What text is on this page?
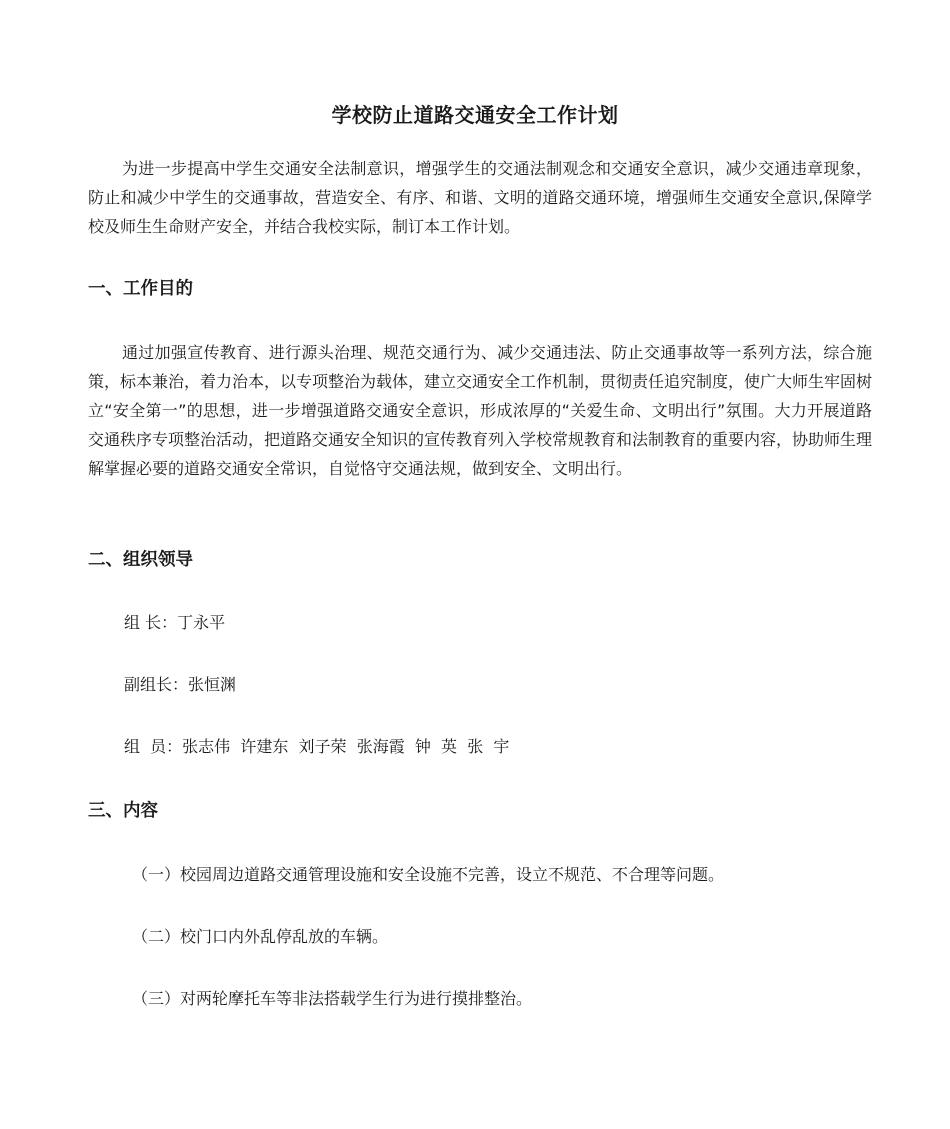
学校防止道路交通安全工作计划

为进一步提高中学生交通安全法制意识，增强学生的交通法制观念和交通安全意识，减少交通违章现象，防止和减少中学生的交通事故，营造安全、有序、和谐、文明的道路交通环境，增强师生交通安全意识,保障学校及师生生命财产安全，并结合我校实际，制订本工作计划。

一、工作目的

通过加强宣传教育、进行源头治理、规范交通行为、减少交通违法、防止交通事故等一系列方法，综合施策，标本兼治，着力治本，以专项整治为载体，建立交通安全工作机制，贯彻责任追究制度，使广大师生牢固树立“安全第一”的思想，进一步增强道路交通安全意识，形成浓厚的“关爱生命、文明出行”氛围。大力开展道路交通秩序专项整治活动，把道路交通安全知识的宣传教育列入学校常规教育和法制教育的重要内容，协助师生理解掌握必要的道路交通安全常识，自觉恪守交通法规，做到安全、文明出行。

二、组织领导

组 长：丁永平

副组长：张恒渊

组  员：张志伟  许建东  刘子荣  张海霞  钟  英  张  宇

三、内容

（一）校园周边道路交通管理设施和安全设施不完善，设立不规范、不合理等问题。

（二）校门口内外乱停乱放的车辆。

（三）对两轮摩托车等非法搭载学生行为进行摸排整治。
